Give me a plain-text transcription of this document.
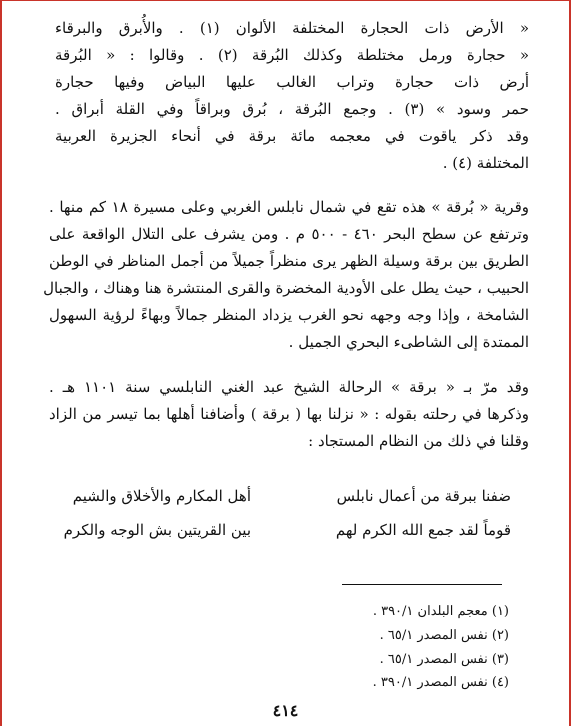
« الأرض ذات الحجارة المختلفة الألوان (١) . والأُبرق والبرقاء
« حجارة ورمل مختلطة وكذلك البُرقة (٢) . وقالوا : « البُرقة
أرض ذات حجارة وتراب الغالب عليها البياض وفيها حجارة
حمر وسود » (٣) . وجمع البُرقة ، بُرق وبراقاً وفي القلة أبراق .
وقد ذكر ياقوت في معجمه مائة برقة في أنحاء الجزيرة العربية
المختلفة (٤) .
وقرية « بُرقة » هذه تقع في شمال نابلس الغربي وعلى مسيرة ١٨ كم منها .
وترتفع عن سطح البحر ٤٦٠ - ٥٠٠ م . ومن يشرف على التلال الواقعة على
الطريق بين برقة وسيلة الظهر يرى منظراً جميلاً من أجمل المناظر في الوطن
الحبيب ، حيث يطل على الأودية المخضرة والقرى المنتشرة هنا وهناك ، والجبال
الشامخة ، وإذا وجه وجهه نحو الغرب يزداد المنظر جمالاً وبهاءً لرؤية السهول
الممتدة إلى الشاطىء البحري الجميل .
وقد مرّ بـ « برقة » الرحالة الشيخ عبد الغني النابلسي سنة ١١٠١ هـ .
وذكرها في رحلته بقوله : « نزلنا بها ( برقة ) وأضافنا أهلها بما تيسر من الزاد
وقلنا في ذلك من النظام المستجاد :
ضفنا ببرقة من أعمال نابلس
أهل المكارم والأخلاق والشيم
قوماً لقد جمع الله الكرم لهم
بين القريتين بش الوجه والكرم
(١) معجم البلدان ٣٩٠/١ .
(٢) نفس المصدر ٦٥/١ .
(٣) نفس المصدر ٦٥/١ .
(٤) نفس المصدر ٣٩٠/١ .
٤١٤
